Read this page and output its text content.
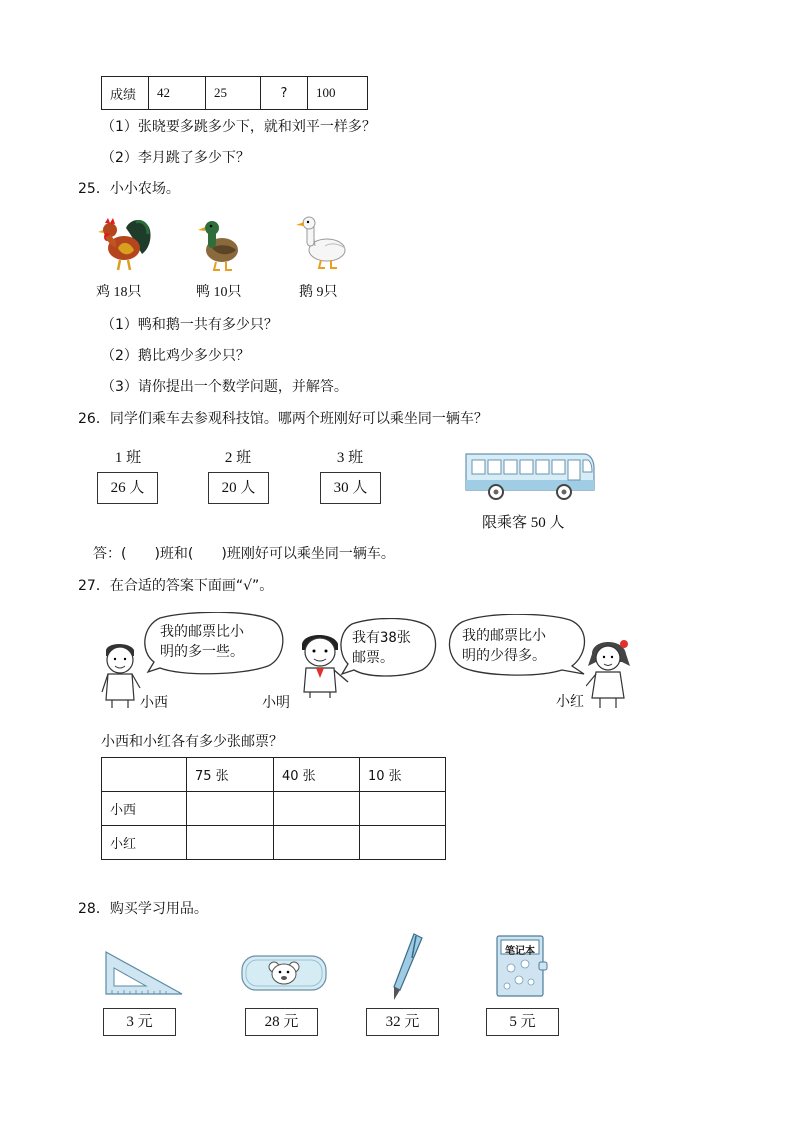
成绩	42	25	?	100
（1）张晓要多跳多少下，就和刘平一样多？
（2）李月跳了多少下？
25．小小农场。
鸡 18只	鸭 10只	鹅 9只
（1）鸭和鹅一共有多少只？
（2）鹅比鸡少多少只？
（3）请你提出一个数学问题，并解答。
26．同学们乘车去参观科技馆。哪两个班刚好可以乘坐同一辆车？
1 班	2 班	3 班
26 人	20 人	30 人
限乘客 50 人
答：(　　)班和(　　)班刚好可以乘坐同一辆车。
27．在合适的答案下面画“√”。
我的邮票比小
明的多一些。
我有38张
邮票。
我的邮票比小
明的少得多。
小西	小明	小红
小西和小红各有多少张邮票？
	75 张	40 张	10 张
小西			
小红			
28．购买学习用品。
笔记本
3 元	28 元	32 元	5 元
